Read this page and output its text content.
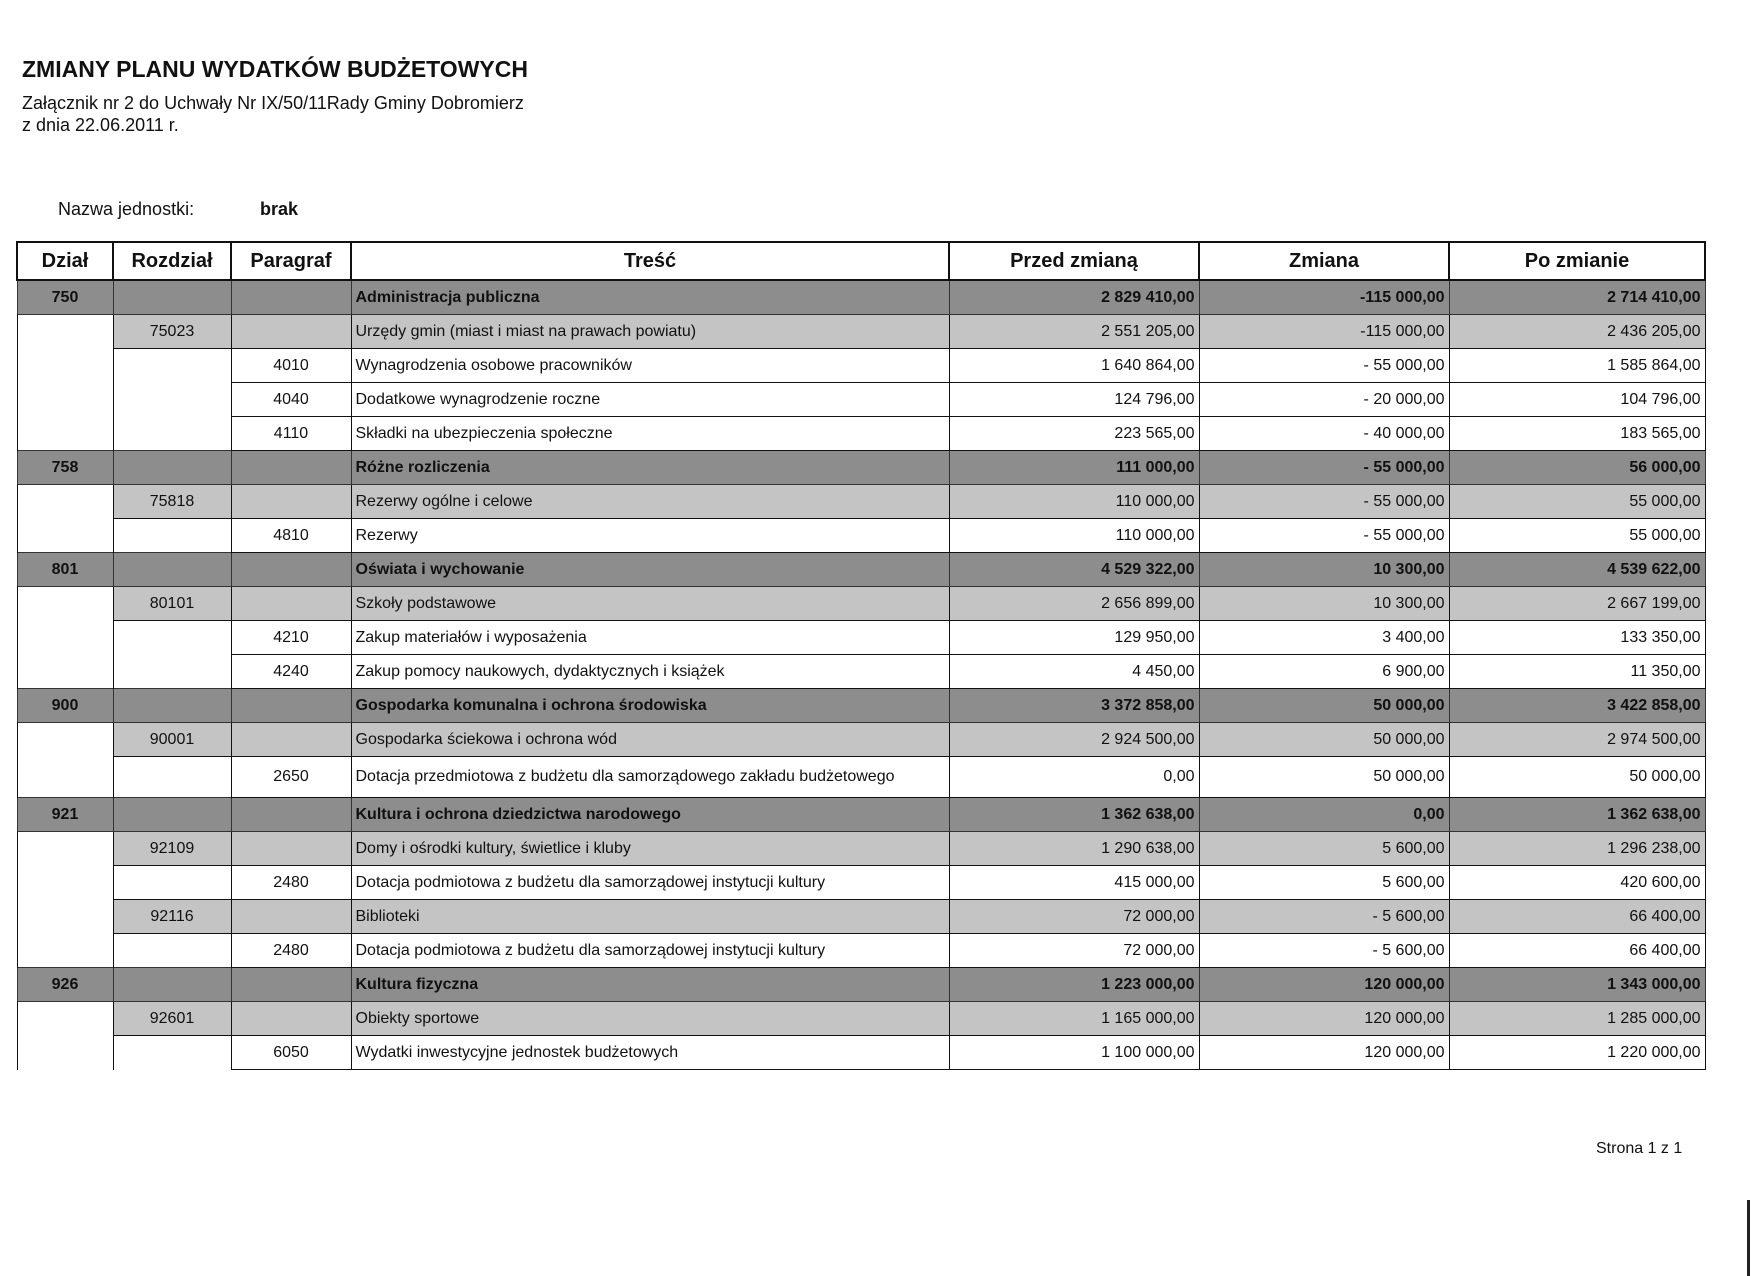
ZMIANY PLANU WYDATKÓW BUDŻETOWYCH
Załącznik nr 2 do Uchwały Nr IX/50/11Rady Gminy Dobromierz
z dnia 22.06.2011 r.
Nazwa jednostki:	brak
Dział	Rozdział	Paragraf	Treść	Przed zmianą	Zmiana	Po zmianie
750			Administracja publiczna	2 829 410,00	-115 000,00	2 714 410,00
	75023		Urzędy gmin (miast i miast na prawach powiatu)	2 551 205,00	-115 000,00	2 436 205,00
		4010	Wynagrodzenia osobowe pracowników	1 640 864,00	- 55 000,00	1 585 864,00
		4040	Dodatkowe wynagrodzenie roczne	124 796,00	- 20 000,00	104 796,00
		4110	Składki na ubezpieczenia społeczne	223 565,00	- 40 000,00	183 565,00
758			Różne rozliczenia	111 000,00	- 55 000,00	56 000,00
	75818		Rezerwy ogólne i celowe	110 000,00	- 55 000,00	55 000,00
		4810	Rezerwy	110 000,00	- 55 000,00	55 000,00
801			Oświata i wychowanie	4 529 322,00	10 300,00	4 539 622,00
	80101		Szkoły podstawowe	2 656 899,00	10 300,00	2 667 199,00
		4210	Zakup materiałów i wyposażenia	129 950,00	3 400,00	133 350,00
		4240	Zakup pomocy naukowych, dydaktycznych i książek	4 450,00	6 900,00	11 350,00
900			Gospodarka komunalna i ochrona środowiska	3 372 858,00	50 000,00	3 422 858,00
	90001		Gospodarka ściekowa i ochrona wód	2 924 500,00	50 000,00	2 974 500,00
		2650	Dotacja przedmiotowa z budżetu dla samorządowego zakładu budżetowego	0,00	50 000,00	50 000,00
921			Kultura i ochrona dziedzictwa narodowego	1 362 638,00	0,00	1 362 638,00
	92109		Domy i ośrodki kultury, świetlice i kluby	1 290 638,00	5 600,00	1 296 238,00
		2480	Dotacja podmiotowa z budżetu dla samorządowej instytucji kultury	415 000,00	5 600,00	420 600,00
	92116		Biblioteki	72 000,00	- 5 600,00	66 400,00
		2480	Dotacja podmiotowa z budżetu dla samorządowej instytucji kultury	72 000,00	- 5 600,00	66 400,00
926			Kultura fizyczna	1 223 000,00	120 000,00	1 343 000,00
	92601		Obiekty sportowe	1 165 000,00	120 000,00	1 285 000,00
		6050	Wydatki inwestycyjne jednostek budżetowych	1 100 000,00	120 000,00	1 220 000,00
Strona 1 z 1
